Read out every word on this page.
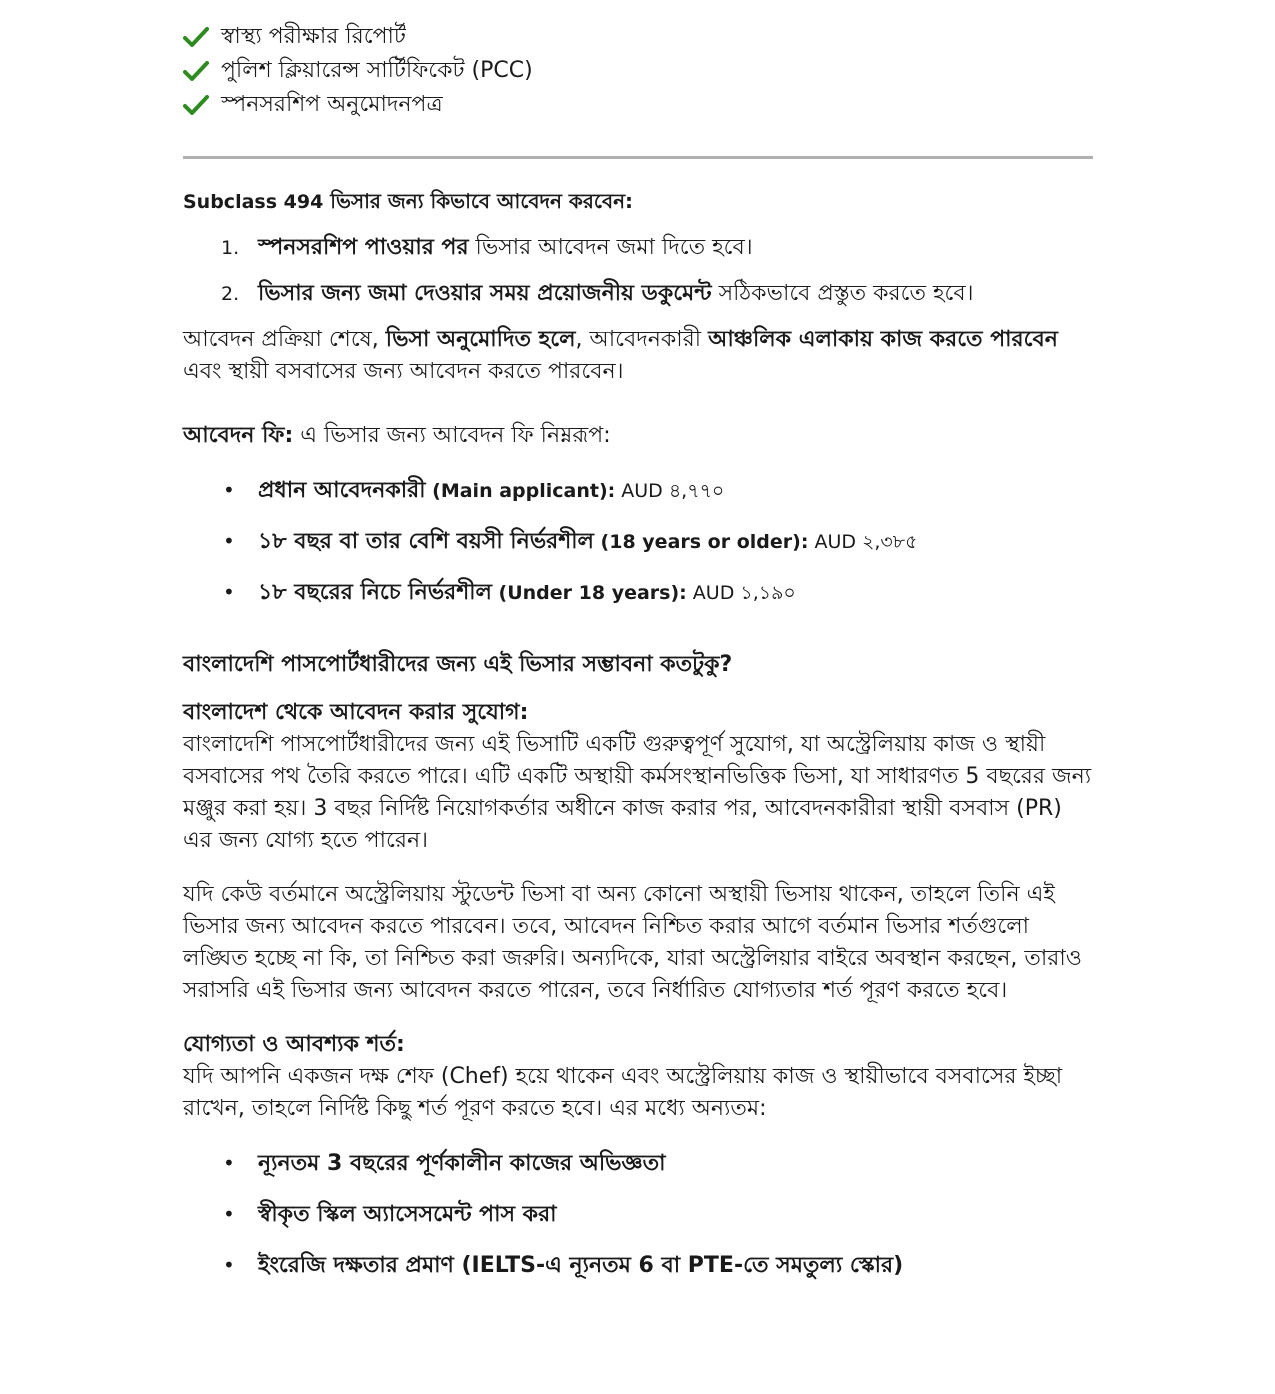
স্বাস্থ্য পরীক্ষার রিপোর্ট
পুলিশ ক্লিয়ারেন্স সার্টিফিকেট (PCC)
স্পনসরশিপ অনুমোদনপত্র

Subclass 494 ভিসার জন্য কিভাবে আবেদন করবেন:

1. স্পনসরশিপ পাওয়ার পর ভিসার আবেদন জমা দিতে হবে।
2. ভিসার জন্য জমা দেওয়ার সময় প্রয়োজনীয় ডকুমেন্ট সঠিকভাবে প্রস্তুত করতে হবে।

আবেদন প্রক্রিয়া শেষে, ভিসা অনুমোদিত হলে, আবেদনকারী আঞ্চলিক এলাকায় কাজ করতে পারবেন এবং স্থায়ী বসবাসের জন্য আবেদন করতে পারবেন।

আবেদন ফি: এ ভিসার জন্য আবেদন ফি নিম্নরূপ:

•	প্রধান আবেদনকারী (Main applicant): AUD ৪,৭৭০
•	১৮ বছর বা তার বেশি বয়সী নির্ভরশীল (18 years or older): AUD ২,৩৮৫
•	১৮ বছরের নিচে নির্ভরশীল (Under 18 years): AUD ১,১৯০

বাংলাদেশি পাসপোর্টধারীদের জন্য এই ভিসার সম্ভাবনা কতটুকু?

বাংলাদেশ থেকে আবেদন করার সুযোগ:

বাংলাদেশি পাসপোর্টধারীদের জন্য এই ভিসাটি একটি গুরুত্বপূর্ণ সুযোগ, যা অস্ট্রেলিয়ায় কাজ ও স্থায়ী বসবাসের পথ তৈরি করতে পারে। এটি একটি অস্থায়ী কর্মসংস্থানভিত্তিক ভিসা, যা সাধারণত 5 বছরের জন্য মঞ্জুর করা হয়। 3 বছর নির্দিষ্ট নিয়োগকর্তার অধীনে কাজ করার পর, আবেদনকারীরা স্থায়ী বসবাস (PR) এর জন্য যোগ্য হতে পারেন।

যদি কেউ বর্তমানে অস্ট্রেলিয়ায় স্টুডেন্ট ভিসা বা অন্য কোনো অস্থায়ী ভিসায় থাকেন, তাহলে তিনি এই ভিসার জন্য আবেদন করতে পারবেন। তবে, আবেদন নিশ্চিত করার আগে বর্তমান ভিসার শর্তগুলো লঙ্ঘিত হচ্ছে না কি, তা নিশ্চিত করা জরুরি। অন্যদিকে, যারা অস্ট্রেলিয়ার বাইরে অবস্থান করছেন, তারাও সরাসরি এই ভিসার জন্য আবেদন করতে পারেন, তবে নির্ধারিত যোগ্যতার শর্ত পূরণ করতে হবে।

যোগ্যতা ও আবশ্যক শর্ত:

যদি আপনি একজন দক্ষ শেফ (Chef) হয়ে থাকেন এবং অস্ট্রেলিয়ায় কাজ ও স্থায়ীভাবে বসবাসের ইচ্ছা রাখেন, তাহলে নির্দিষ্ট কিছু শর্ত পূরণ করতে হবে। এর মধ্যে অন্যতম:

•	ন্যূনতম 3 বছরের পূর্ণকালীন কাজের অভিজ্ঞতা
•	স্বীকৃত স্কিল অ্যাসেসমেন্ট পাস করা
•	ইংরেজি দক্ষতার প্রমাণ (IELTS-এ ন্যূনতম 6 বা PTE-তে সমতুল্য স্কোর)
